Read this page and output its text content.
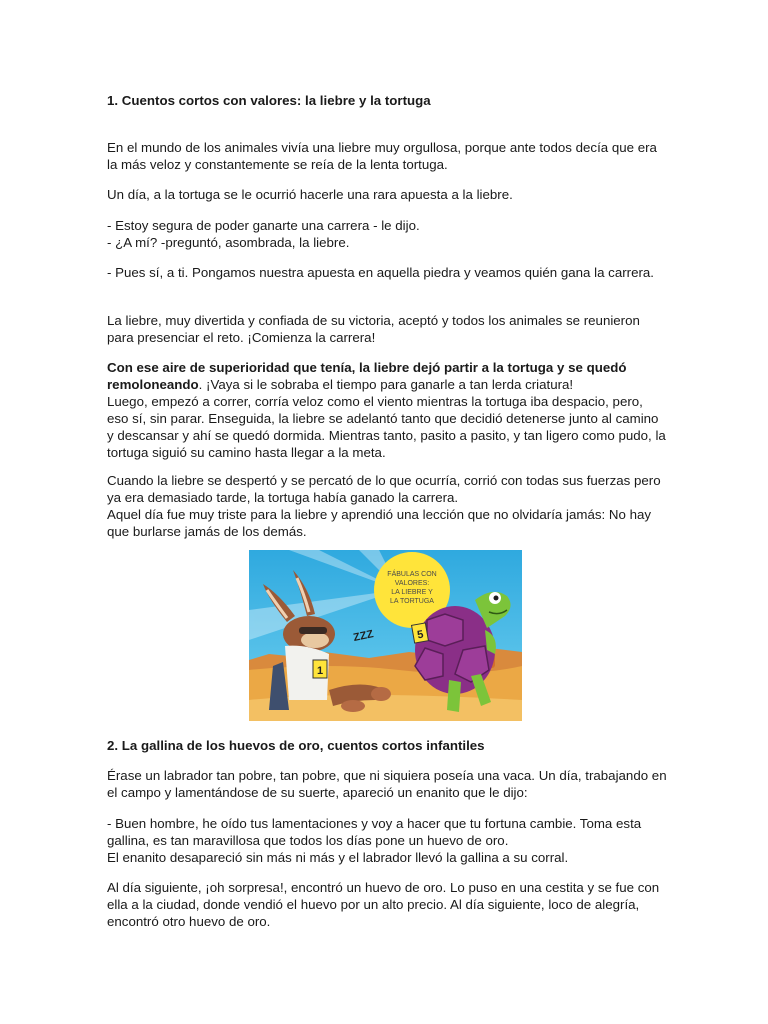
1. Cuentos cortos con valores: la liebre y la tortuga
En el mundo de los animales vivía una liebre muy orgullosa, porque ante todos decía que era la más veloz y constantemente se reía de la lenta tortuga.
Un día, a la tortuga se le ocurrió hacerle una rara apuesta a la liebre.
- Estoy segura de poder ganarte una carrera - le dijo.
- ¿A mí? -preguntó, asombrada, la liebre.
- Pues sí, a ti. Pongamos nuestra apuesta en aquella piedra y veamos quién gana la carrera.
La liebre, muy divertida y confiada de su victoria, aceptó y todos los animales se reunieron para presenciar el reto. ¡Comienza la carrera!
Con ese aire de superioridad que tenía, la liebre dejó partir a la tortuga y se quedó remoloneando. ¡Vaya si le sobraba el tiempo para ganarle a tan lerda criatura!
Luego, empezó a correr, corría veloz como el viento mientras la tortuga iba despacio, pero, eso sí, sin parar. Enseguida, la liebre se adelantó tanto que decidió detenerse junto al camino y descansar y ahí se quedó dormida. Mientras tanto, pasito a pasito, y tan ligero como pudo, la tortuga siguió su camino hasta llegar a la meta.
Cuando la liebre se despertó y se percató de lo que ocurría, corrió con todas sus fuerzas pero ya era demasiado tarde, la tortuga había ganado la carrera.
Aquel día fue muy triste para la liebre y aprendió una lección que no olvidaría jamás: No hay que burlarse jamás de los demás.
FÁBULAS CON
VALORES:
LA LIEBRE Y
LA TORTUGA
1
ZZZ	5
2. La gallina de los huevos de oro, cuentos cortos infantiles
Érase un labrador tan pobre, tan pobre, que ni siquiera poseía una vaca. Un día, trabajando en el campo y lamentándose de su suerte, apareció un enanito que le dijo:
- Buen hombre, he oído tus lamentaciones y voy a hacer que tu fortuna cambie. Toma esta gallina, es tan maravillosa que todos los días pone un huevo de oro.
El enanito desapareció sin más ni más y el labrador llevó la gallina a su corral.
Al día siguiente, ¡oh sorpresa!, encontró un huevo de oro. Lo puso en una cestita y se fue con ella a la ciudad, donde vendió el huevo por un alto precio. Al día siguiente, loco de alegría, encontró otro huevo de oro.
